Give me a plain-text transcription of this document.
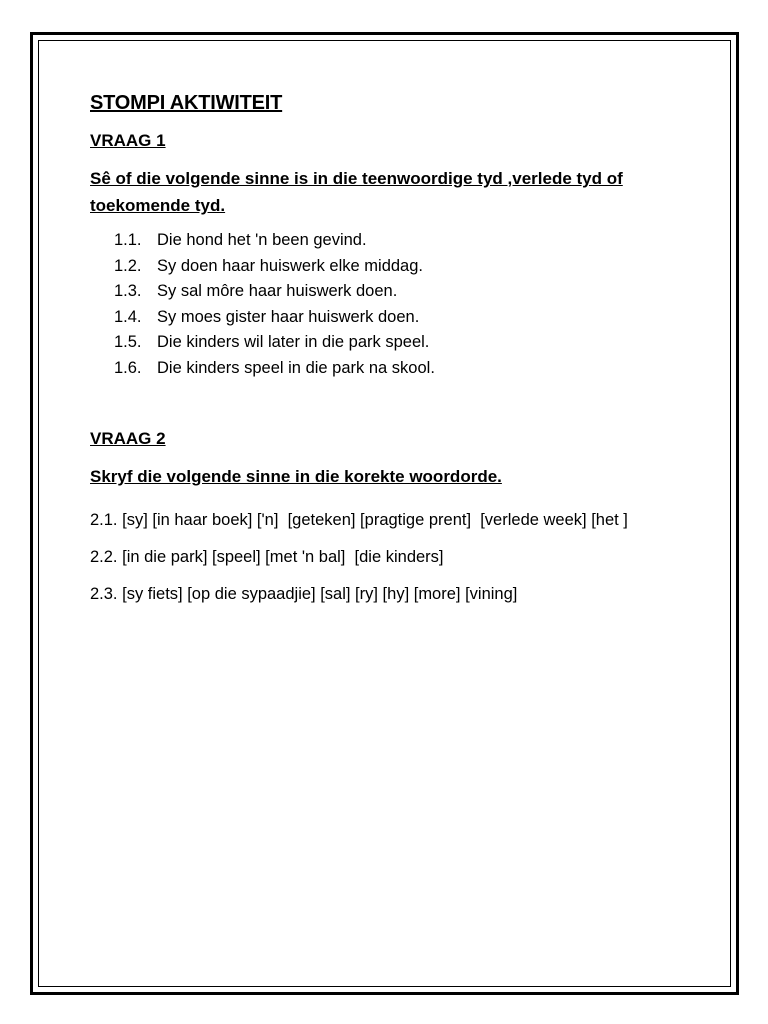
STOMPI AKTIWITEIT
VRAAG 1
Sê of die volgende sinne is in die teenwoordige tyd ,verlede tyd of toekomende tyd.
1.1. Die hond het 'n been gevind.
1.2. Sy doen haar huiswerk elke middag.
1.3. Sy sal môre haar huiswerk doen.
1.4. Sy moes gister haar huiswerk doen.
1.5. Die kinders wil later in die park speel.
1.6. Die kinders speel in die park na skool.
VRAAG 2
Skryf die volgende sinne in die korekte woordorde.
2.1. [sy] [in haar boek] ['n]  [geteken] [pragtige prent]  [verlede week] [het ]
2.2. [in die park] [speel] [met 'n bal]  [die kinders]
2.3. [sy fiets] [op die sypaadjie] [sal] [ry] [hy] [more] [vining]
